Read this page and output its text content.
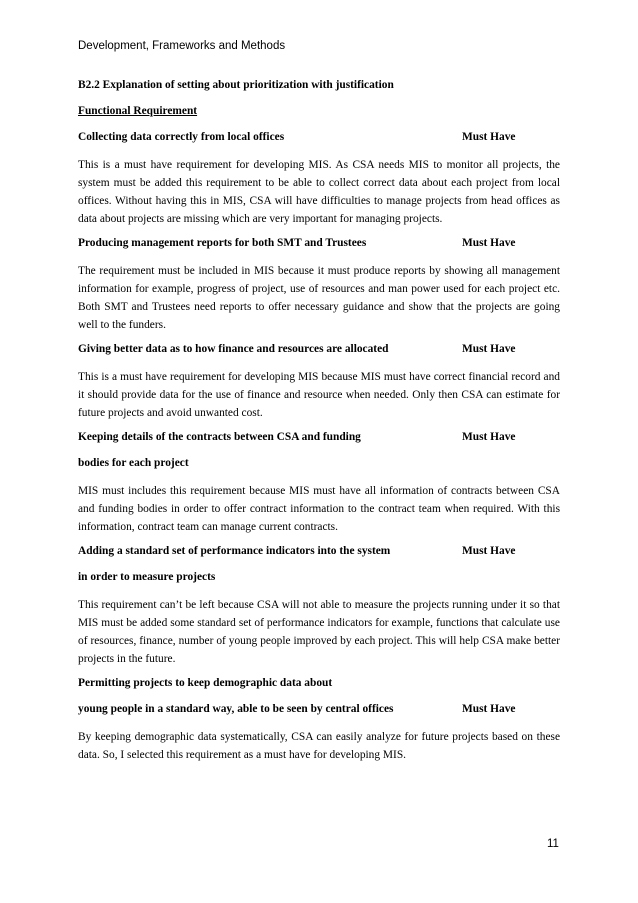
Development, Frameworks and Methods
B2.2 Explanation of setting about prioritization with justification
Functional Requirement
Collecting data correctly from local offices	Must Have
This is a must have requirement for developing MIS. As CSA needs MIS to monitor all projects, the system must be added this requirement to be able to collect correct data about each project from local offices. Without having this in MIS, CSA will have difficulties to manage projects from head offices as data about projects are missing which are very important for managing projects.
Producing management reports for both SMT and Trustees	Must Have
The requirement must be included in MIS because it must produce reports by showing all management information for example, progress of project, use of resources and man power used for each project etc. Both SMT and Trustees need reports to offer necessary guidance and show that the projects are going well to the funders.
Giving better data as to how finance and resources are allocated	Must Have
This is a must have requirement for developing MIS because MIS must have correct financial record and it should provide data for the use of finance and resource when needed. Only then CSA can estimate for future projects and avoid unwanted cost.
Keeping details of the contracts between CSA and funding	Must Have
bodies for each project
MIS must includes this requirement because MIS must have all information of contracts between CSA and funding bodies in order to offer contract information to the contract team when required. With this information, contract team can manage current contracts.
Adding a standard set of performance indicators into the system	Must Have
in order to measure projects
This requirement can’t be left because CSA will not able to measure the projects running under it so that MIS must be added some standard set of performance indicators for example, functions that calculate use of resources, finance, number of young people improved by each project. This will help CSA make better projects in the future.
Permitting projects to keep demographic data about
young people in a standard way, able to be seen by central offices	Must Have
By keeping demographic data systematically, CSA can easily analyze for future projects based on these data. So, I selected this requirement as a must have for developing MIS.
11
